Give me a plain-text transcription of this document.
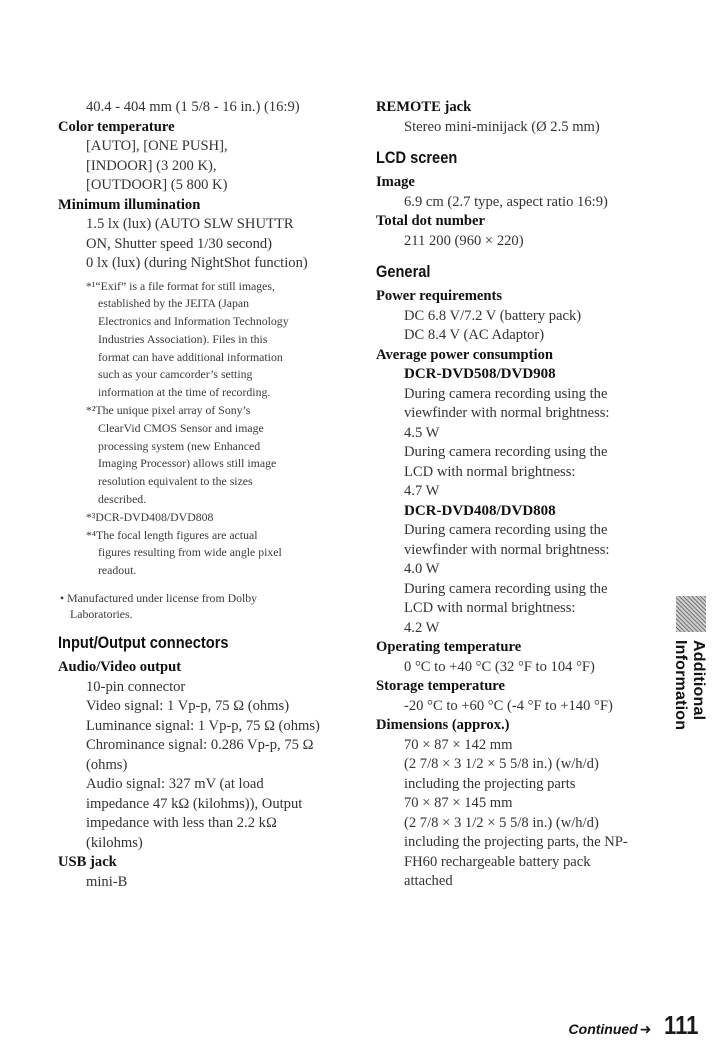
40.4 - 404 mm (1 5/8 - 16 in.) (16:9)
Color temperature
[AUTO], [ONE PUSH],
[INDOOR] (3 200 K),
[OUTDOOR] (5 800 K)
Minimum illumination
1.5 lx (lux) (AUTO SLW SHUTTR
ON, Shutter speed 1/30 second)
0 lx (lux) (during NightShot function)
*¹“Exif” is a file format for still images,
established by the JEITA (Japan
Electronics and Information Technology
Industries Association). Files in this
format can have additional information
such as your camcorder’s setting
information at the time of recording.
*²The unique pixel array of Sony’s
ClearVid CMOS Sensor and image
processing system (new Enhanced
Imaging Processor) allows still image
resolution equivalent to the sizes
described.
*³DCR-DVD408/DVD808
*⁴The focal length figures are actual
figures resulting from wide angle pixel
readout.
• Manufactured under license from Dolby
Laboratories.
Input/Output connectors
Audio/Video output
10-pin connector
Video signal: 1 Vp-p, 75 Ω (ohms)
Luminance signal: 1 Vp-p, 75 Ω (ohms)
Chrominance signal: 0.286 Vp-p, 75 Ω
(ohms)
Audio signal: 327 mV (at load
impedance 47 kΩ (kilohms)), Output
impedance with less than 2.2 kΩ
(kilohms)
USB jack
mini-B
REMOTE jack
Stereo mini-minijack (Ø 2.5 mm)
LCD screen
Image
6.9 cm (2.7 type, aspect ratio 16:9)
Total dot number
211 200 (960 × 220)
General
Power requirements
DC 6.8 V/7.2 V (battery pack)
DC 8.4 V (AC Adaptor)
Average power consumption
DCR-DVD508/DVD908
During camera recording using the
viewfinder with normal brightness:
4.5 W
During camera recording using the
LCD with normal brightness:
4.7 W
DCR-DVD408/DVD808
During camera recording using the
viewfinder with normal brightness:
4.0 W
During camera recording using the
LCD with normal brightness:
4.2 W
Operating temperature
0 °C to +40 °C (32 °F to 104 °F)
Storage temperature
-20 °C to +60 °C (-4 °F to +140 °F)
Dimensions (approx.)
70 × 87 × 142 mm
(2 7/8 × 3 1/2 × 5 5/8 in.) (w/h/d)
including the projecting parts
70 × 87 × 145 mm
(2 7/8 × 3 1/2 × 5 5/8 in.) (w/h/d)
including the projecting parts, the NP-
FH60 rechargeable battery pack
attached
Additional Information
Continued ➜ 111
